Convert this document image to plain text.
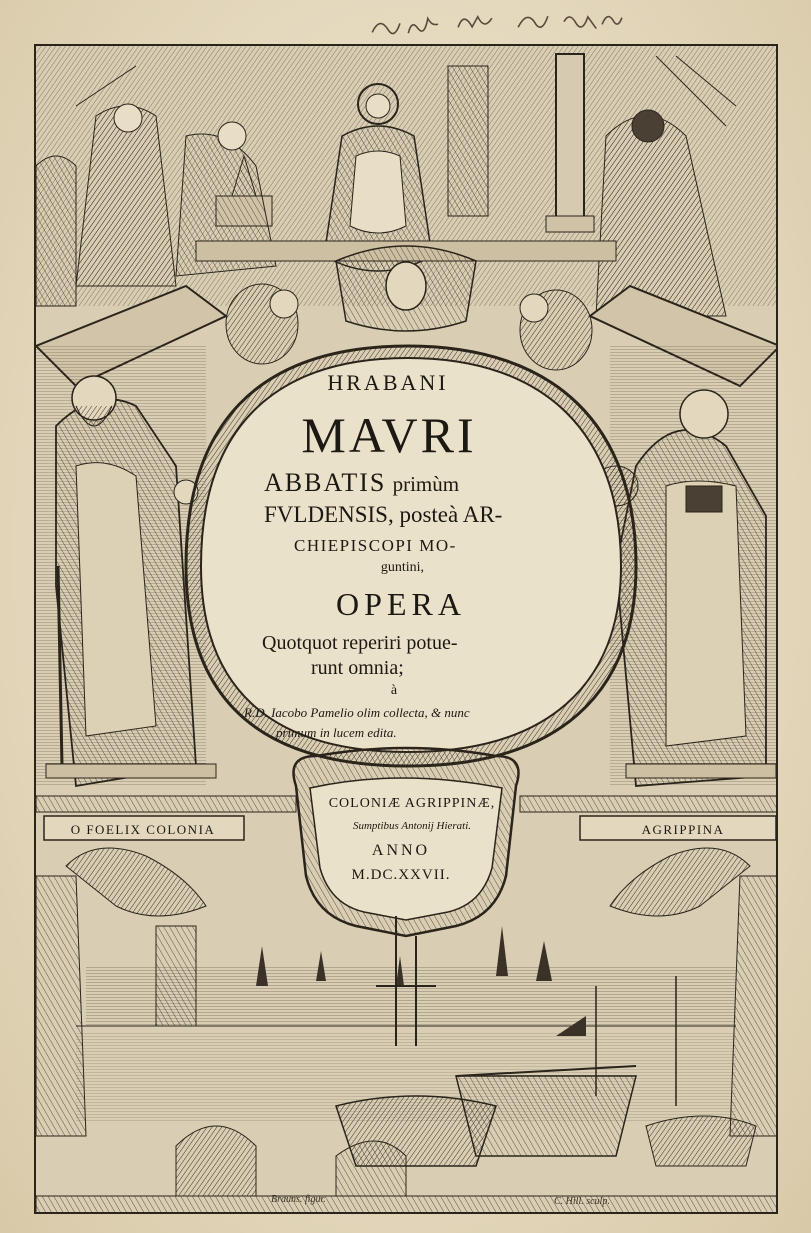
HRABANI
MAVRI
ABBATIS primùm
FVLDENSIS, posteà AR-
CHIEPISCOPI MO-
guntini,
OPERA
Quotquot reperiri potue-
runt omnia;
à
R.D. Iacobo Pamelio olim collecta, & nunc
primum in lucem edita.
COLONIÆ AGRIPPINÆ,
Sumptibus Antonij Hierati.
ANNO
M.DC.XXVII.
O FOELIX COLONIA	AGRIPPINA
Brauns. figur.	C. Hill. sculp.
